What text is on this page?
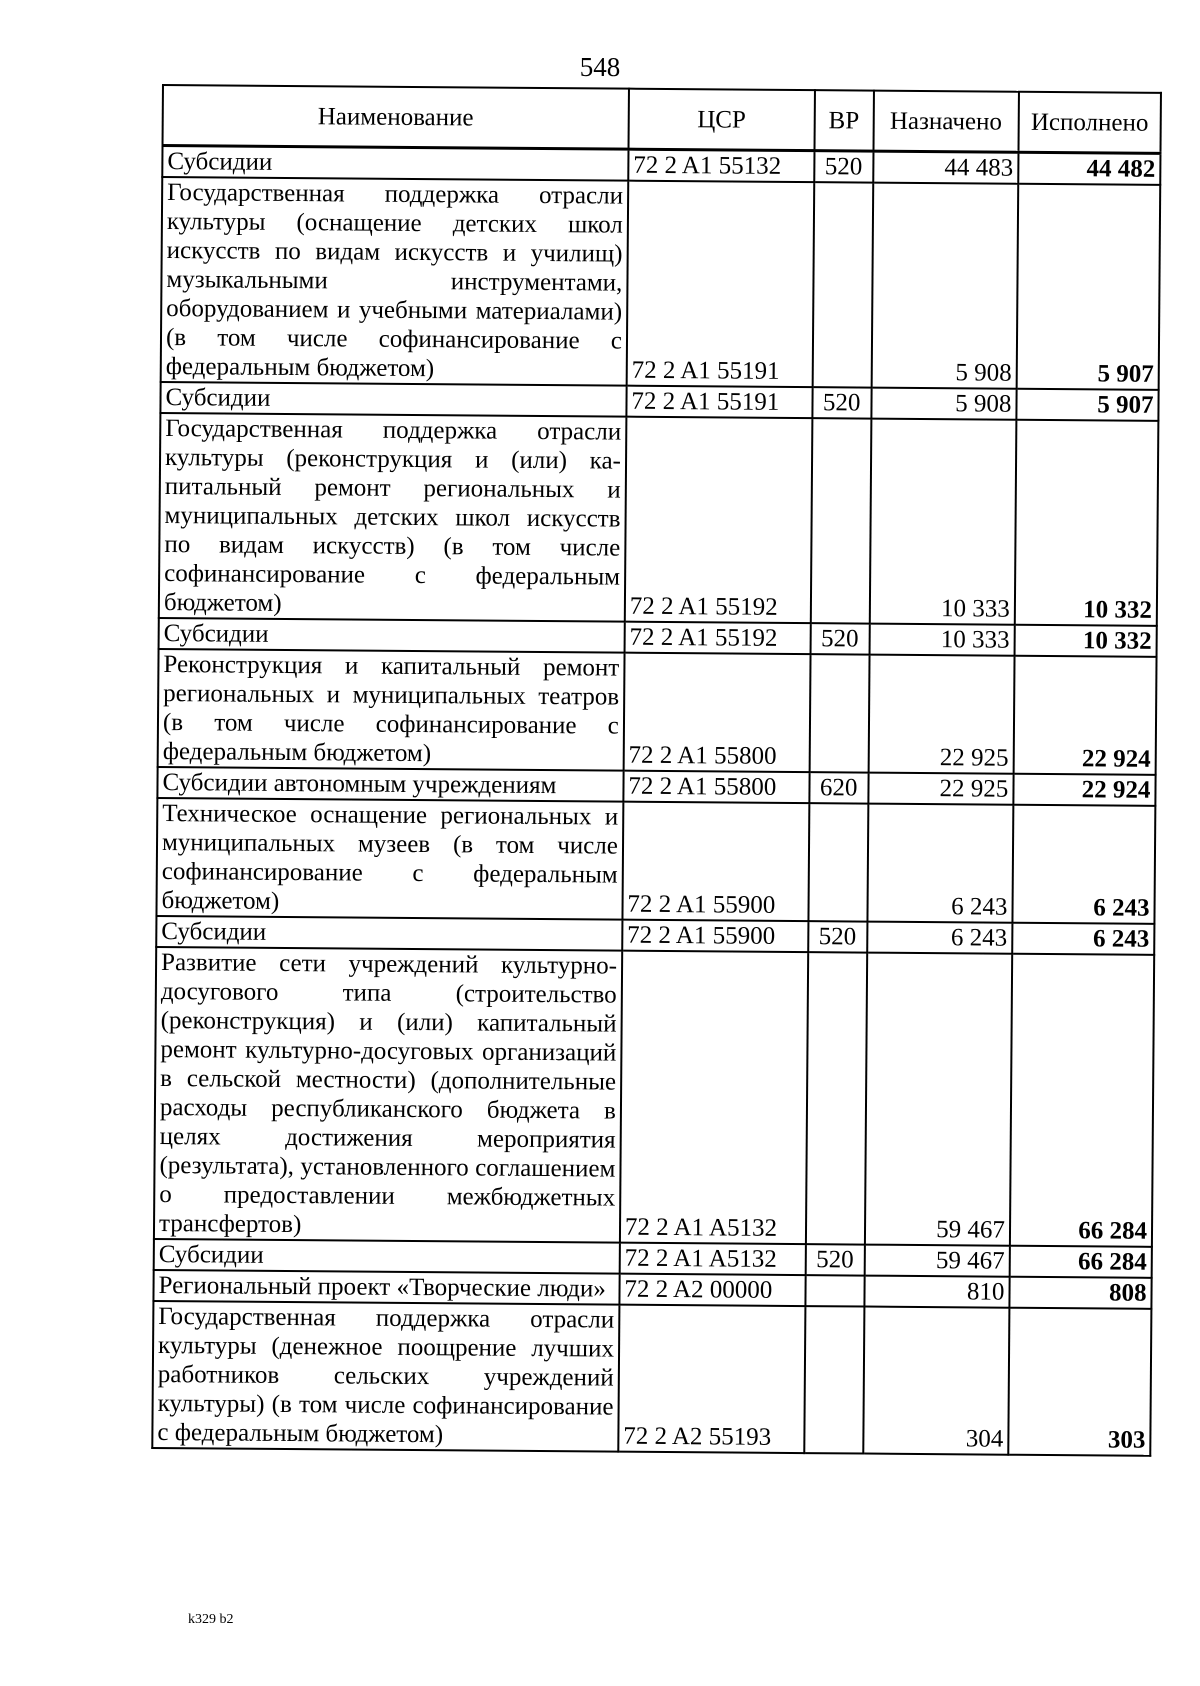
548
Наименование	ЦСР	ВР	Назначено	Исполнено
Субсидии	72 2 A1 55132	520	44 483	44 482
Государственная поддержка отрасли культуры (оснащение детских школ искусств по видам искусств и училищ) музыкальными инструментами, оборудованием и учебными материалами) (в том числе софинансирование с федеральным бюджетом)	72 2 A1 55191		5 908	5 907
Субсидии	72 2 A1 55191	520	5 908	5 907
Государственная поддержка отрасли культуры (реконструкция и (или) капитальный ремонт региональных и муниципальных детских школ искусств по видам искусств) (в том числе софинансирование с федеральным бюджетом)	72 2 A1 55192		10 333	10 332
Субсидии	72 2 A1 55192	520	10 333	10 332
Реконструкция и капитальный ремонт региональных и муниципальных театров (в том числе софинансирование с федеральным бюджетом)	72 2 A1 55800		22 925	22 924
Субсидии автономным учреждениям	72 2 A1 55800	620	22 925	22 924
Техническое оснащение региональных и муниципальных музеев (в том числе софинансирование с федеральным бюджетом)	72 2 A1 55900		6 243	6 243
Субсидии	72 2 A1 55900	520	6 243	6 243
Развитие сети учреждений культурно-досугового типа (строительство (реконструкция) и (или) капитальный ремонт культурно-досуговых организаций в сельской местности) (дополнительные расходы республиканского бюджета в целях достижения мероприятия (результата), установленного соглашением о предоставлении межбюджетных трансфертов)	72 2 A1 A5132		59 467	66 284
Субсидии	72 2 A1 A5132	520	59 467	66 284
Региональный проект «Творческие люди»	72 2 A2 00000		810	808
Государственная поддержка отрасли культуры (денежное поощрение лучших работников сельских учреждений культуры) (в том числе софинансирование с федеральным бюджетом)	72 2 A2 55193		304	303
k329 b2
